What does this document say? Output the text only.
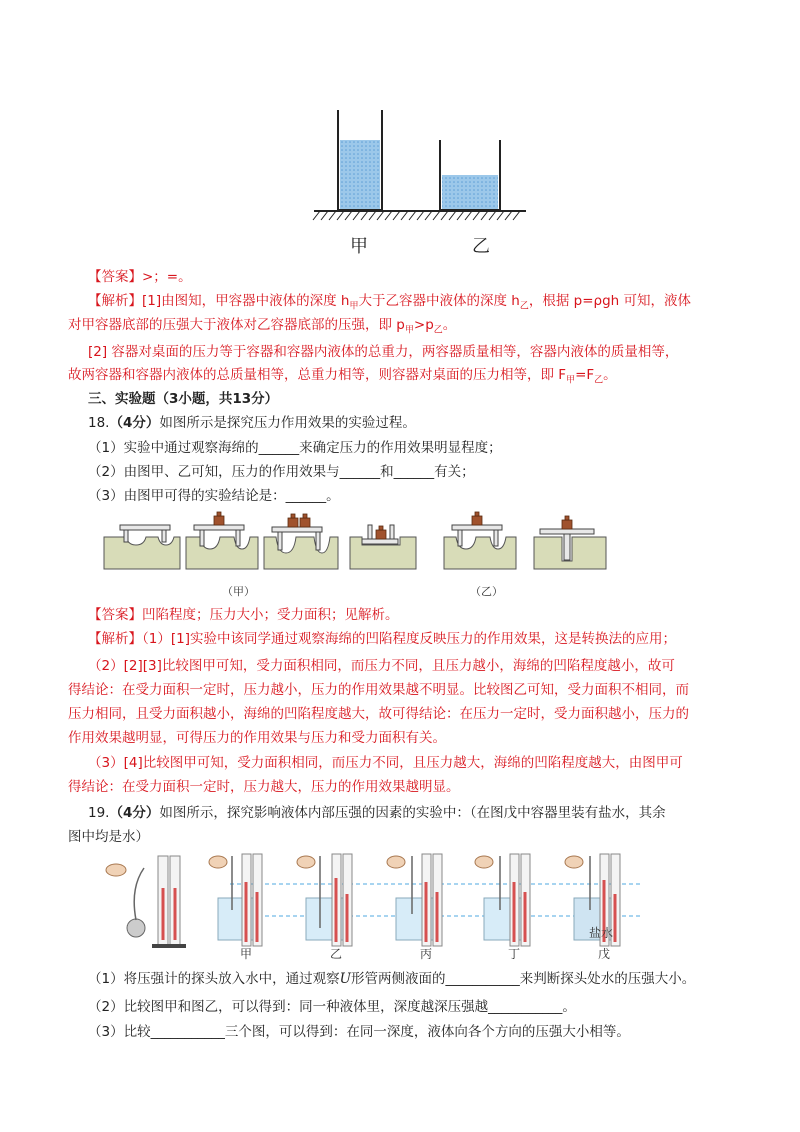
甲	乙
【答案】>；=。
【解析】[1]由图知，甲容器中液体的深度 $h_甲$大于乙容器中液体的深度 $h_乙$，根据 p=ρgh 可知，液体
对甲容器底部的压强大于液体对乙容器底部的压强，即 $p_甲>p_乙$。
[2] 容器对桌面的压力等于容器和容器内液体的总重力，两容器质量相等，容器内液体的质量相等，
故两容器和容器内液体的总质量相等，总重力相等，则容器对桌面的压力相等，即 $F_甲=F_乙$。
三、实验题（3小题，共13分）
18.（4分）如图所示是探究压力作用效果的实验过程。
（1）实验中通过观察海绵的______来确定压力的作用效果明显程度；
（2）由图甲、乙可知，压力的作用效果与______和______有关；
（3）由图甲可得的实验结论是：______。
（甲）	（乙）
【答案】凹陷程度；压力大小；受力面积；见解析。
【解析】（1）[1]实验中该同学通过观察海绵的凹陷程度反映压力的作用效果，这是转换法的应用；
（2）[2][3]比较图甲可知，受力面积相同，而压力不同，且压力越小，海绵的凹陷程度越小，故可
得结论：在受力面积一定时，压力越小，压力的作用效果越不明显。比较图乙可知，受力面积不相同，而
压力相同，且受力面积越小，海绵的凹陷程度越大，故可得结论：在压力一定时，受力面积越小，压力的
作用效果越明显，可得压力的作用效果与压力和受力面积有关。
（3）[4]比较图甲可知，受力面积相同，而压力不同，且压力越大，海绵的凹陷程度越大，由图甲可
得结论：在受力面积一定时，压力越大，压力的作用效果越明显。
19.（4分）如图所示，探究影响液体内部压强的因素的实验中：（在图戊中容器里装有盐水，其余
图中均是水）
甲	乙	丙	丁	戊
盐水
（1）将压强计的探头放入水中，通过观察U形管两侧液面的___________来判断探头处水的压强大小。
（2）比较图甲和图乙，可以得到：同一种液体里，深度越深压强越___________。
（3）比较___________三个图，可以得到：在同一深度，液体向各个方向的压强大小相等。
